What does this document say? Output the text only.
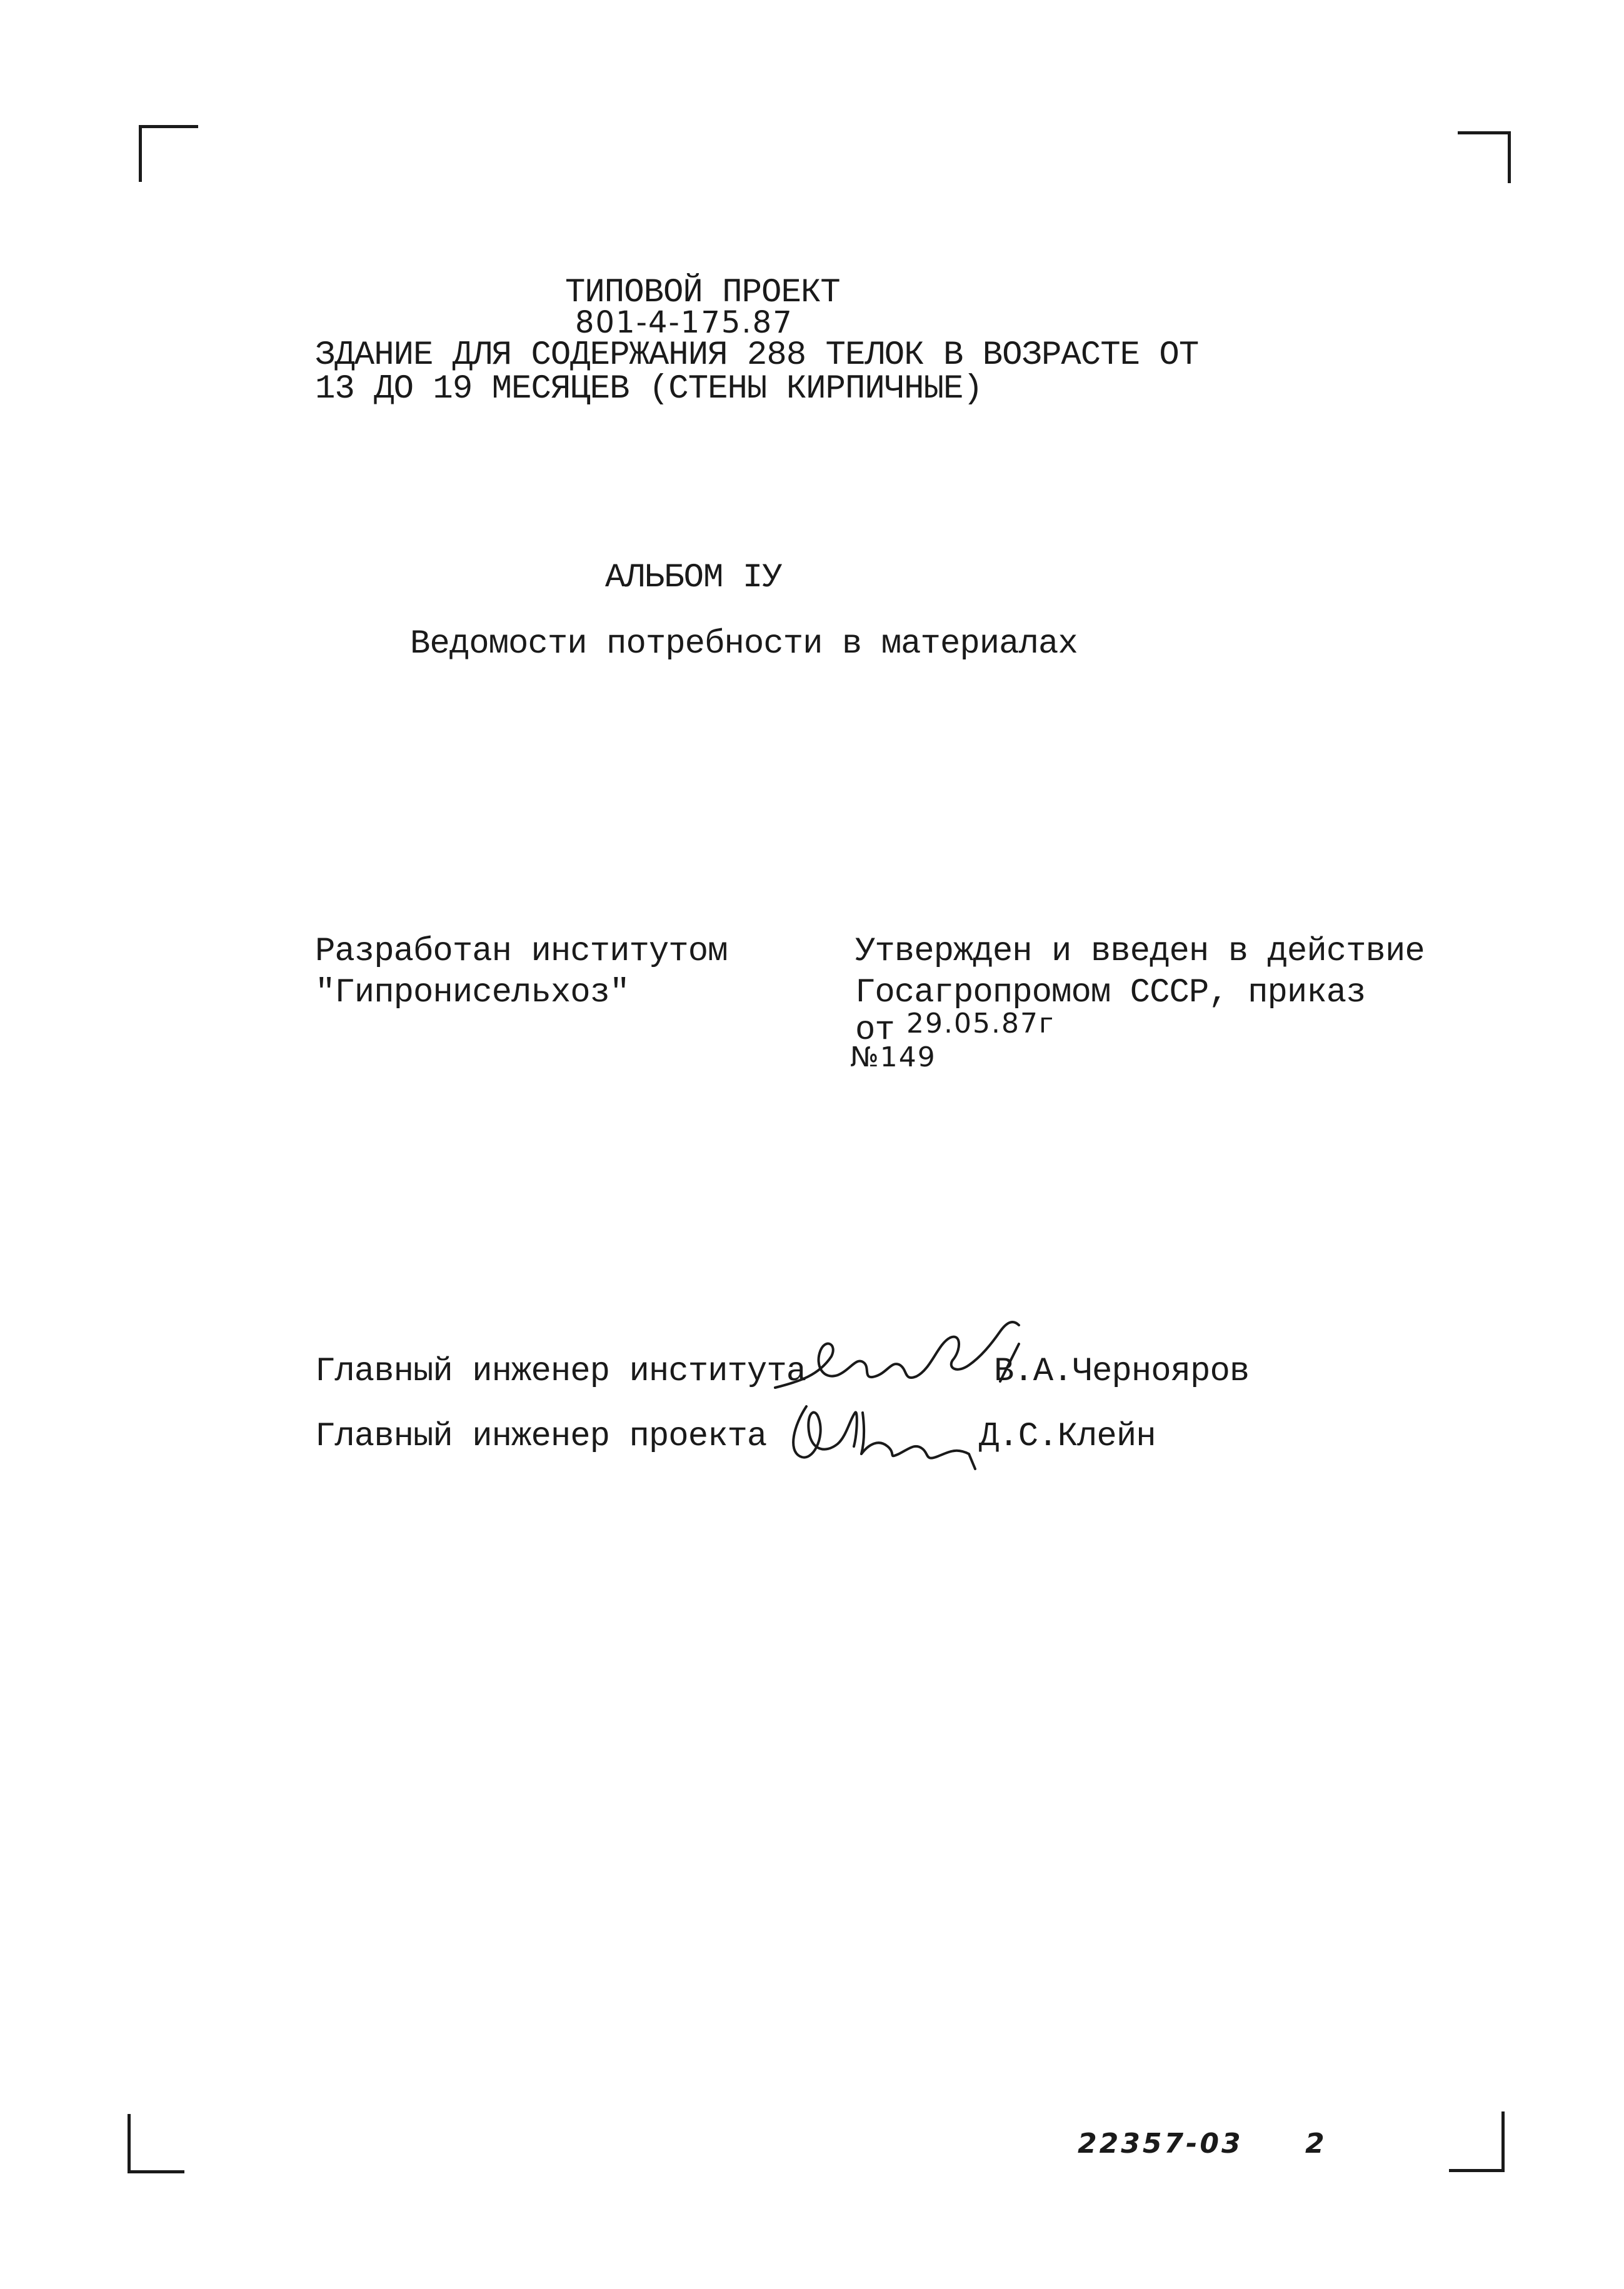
ТИПОВОЙ ПРОЕКТ
801-4-175.87
ЗДАНИЕ ДЛЯ СОДЕРЖАНИЯ 288 ТЕЛОК В ВОЗРАСТЕ ОТ
13 ДО 19 МЕСЯЦЕВ (СТЕНЫ КИРПИЧНЫЕ)
АЛЬБОМ IУ
Ведомости потребности в материалах
Разработан институтом
"Гипронисельхоз"
Утвержден и введен в действие
Госагропромом СССР, приказ
от 29.05.87г
№149
Главный инженер института	В.А.Чернояров
Главный инженер проекта	Д.С.Клейн
22357-03 2
